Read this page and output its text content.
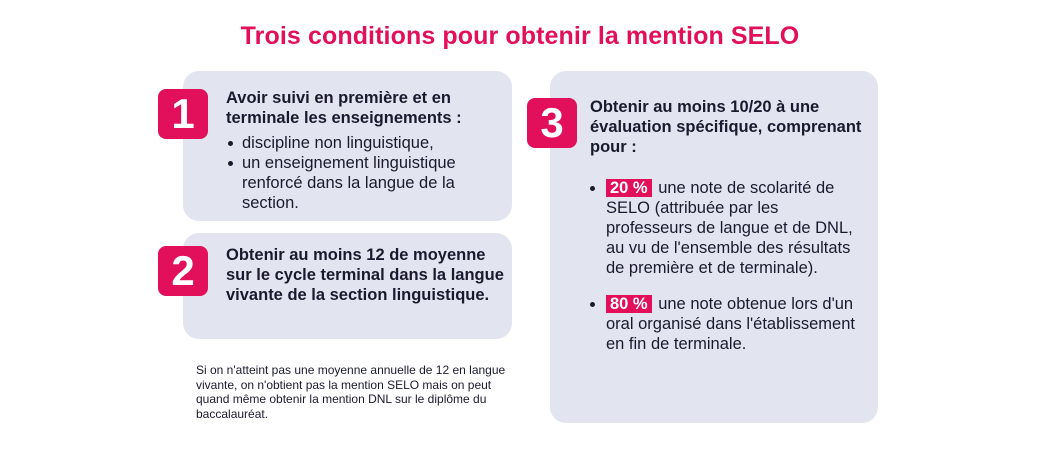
Trois conditions pour obtenir la mention SELO
1
2
3
Avoir suivi en première et en terminale les enseignements :
discipline non linguistique,
un enseignement linguistique renforcé dans la langue de la section.
Obtenir au moins 12 de moyenne sur le cycle terminal dans la langue vivante de la section linguistique.
Obtenir au moins 10/20 à une évaluation spécifique, comprenant pour :
20 % une note de scolarité de SELO (attribuée par les professeurs de langue et de DNL, au vu de l'ensemble des résultats de première et de terminale).
80 % une note obtenue lors d'un oral organisé dans l'établissement en fin de terminale.
Si on n'atteint pas une moyenne annuelle de 12 en langue vivante, on n'obtient pas la mention SELO mais on peut quand même obtenir la mention DNL sur le diplôme du baccalauréat.
